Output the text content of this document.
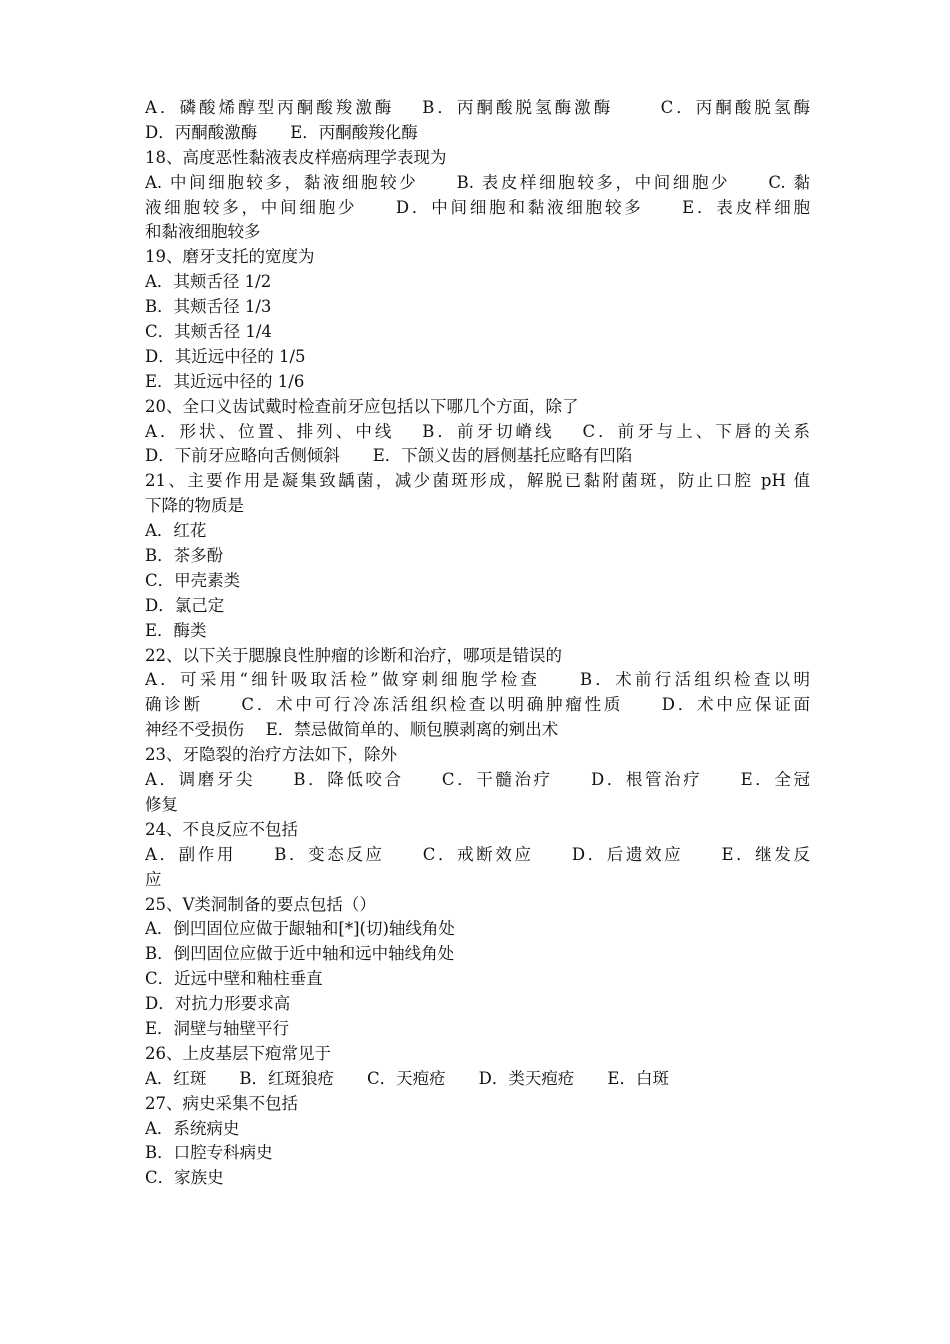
A．磷酸烯醇型丙酮酸羧激酶　 B．丙酮酸脱氢酶激酶　　 C．丙酮酸脱氢酶
D．丙酮酸激酶　　E．丙酮酸羧化酶
18、高度恶性黏液表皮样癌病理学表现为
A. 中间细胞较多，黏液细胞较少　　B. 表皮样细胞较多，中间细胞少　　C. 黏
液细胞较多，中间细胞少　　D．中间细胞和黏液细胞较多　　E．表皮样细胞
和黏液细胞较多
19、磨牙支托的宽度为
A．其颊舌径 1/2
B．其颊舌径 1/3
C．其颊舌径 1/4
D．其近远中径的 1/5
E．其近远中径的 1/6
20、全口义齿试戴时检查前牙应包括以下哪几个方面，除了
A．形状、位置、排列、中线　 B．前牙切嵴线　 C．前牙与上、下唇的关系
D．下前牙应略向舌侧倾斜　　E．下颌义齿的唇侧基托应略有凹陷
21、主要作用是凝集致龋菌，减少菌斑形成，解脱已黏附菌斑，防止口腔 pH 值
下降的物质是
A．红花
B．茶多酚
C．甲壳素类
D．氯己定
E．酶类
22、以下关于腮腺良性肿瘤的诊断和治疗，哪项是错误的
A．可采用“细针吸取活检”做穿刺细胞学检查　　B．术前行活组织检查以明
确诊断　　C．术中可行冷冻活组织检查以明确肿瘤性质　　D．术中应保证面
神经不受损伤　 E．禁忌做简单的、顺包膜剥离的剜出术
23、牙隐裂的治疗方法如下，除外
A．调磨牙尖　　B．降低咬合　　C．干髓治疗　　D．根管治疗　　E．全冠
修复
24、不良反应不包括
A．副作用　　B．变态反应　　C．戒断效应　　D．后遗效应　　E．继发反
应
25、Ⅴ类洞制备的要点包括（）
A．倒凹固位应做于龈轴和[*](切)轴线角处
B．倒凹固位应做于近中轴和远中轴线角处
C．近远中壁和釉柱垂直
D．对抗力形要求高
E．洞壁与轴壁平行
26、上皮基层下疱常见于
A．红斑　　B．红斑狼疮　　C．天疱疮　　D．类天疱疮　　E．白斑
27、病史采集不包括
A．系统病史
B．口腔专科病史
C．家族史
